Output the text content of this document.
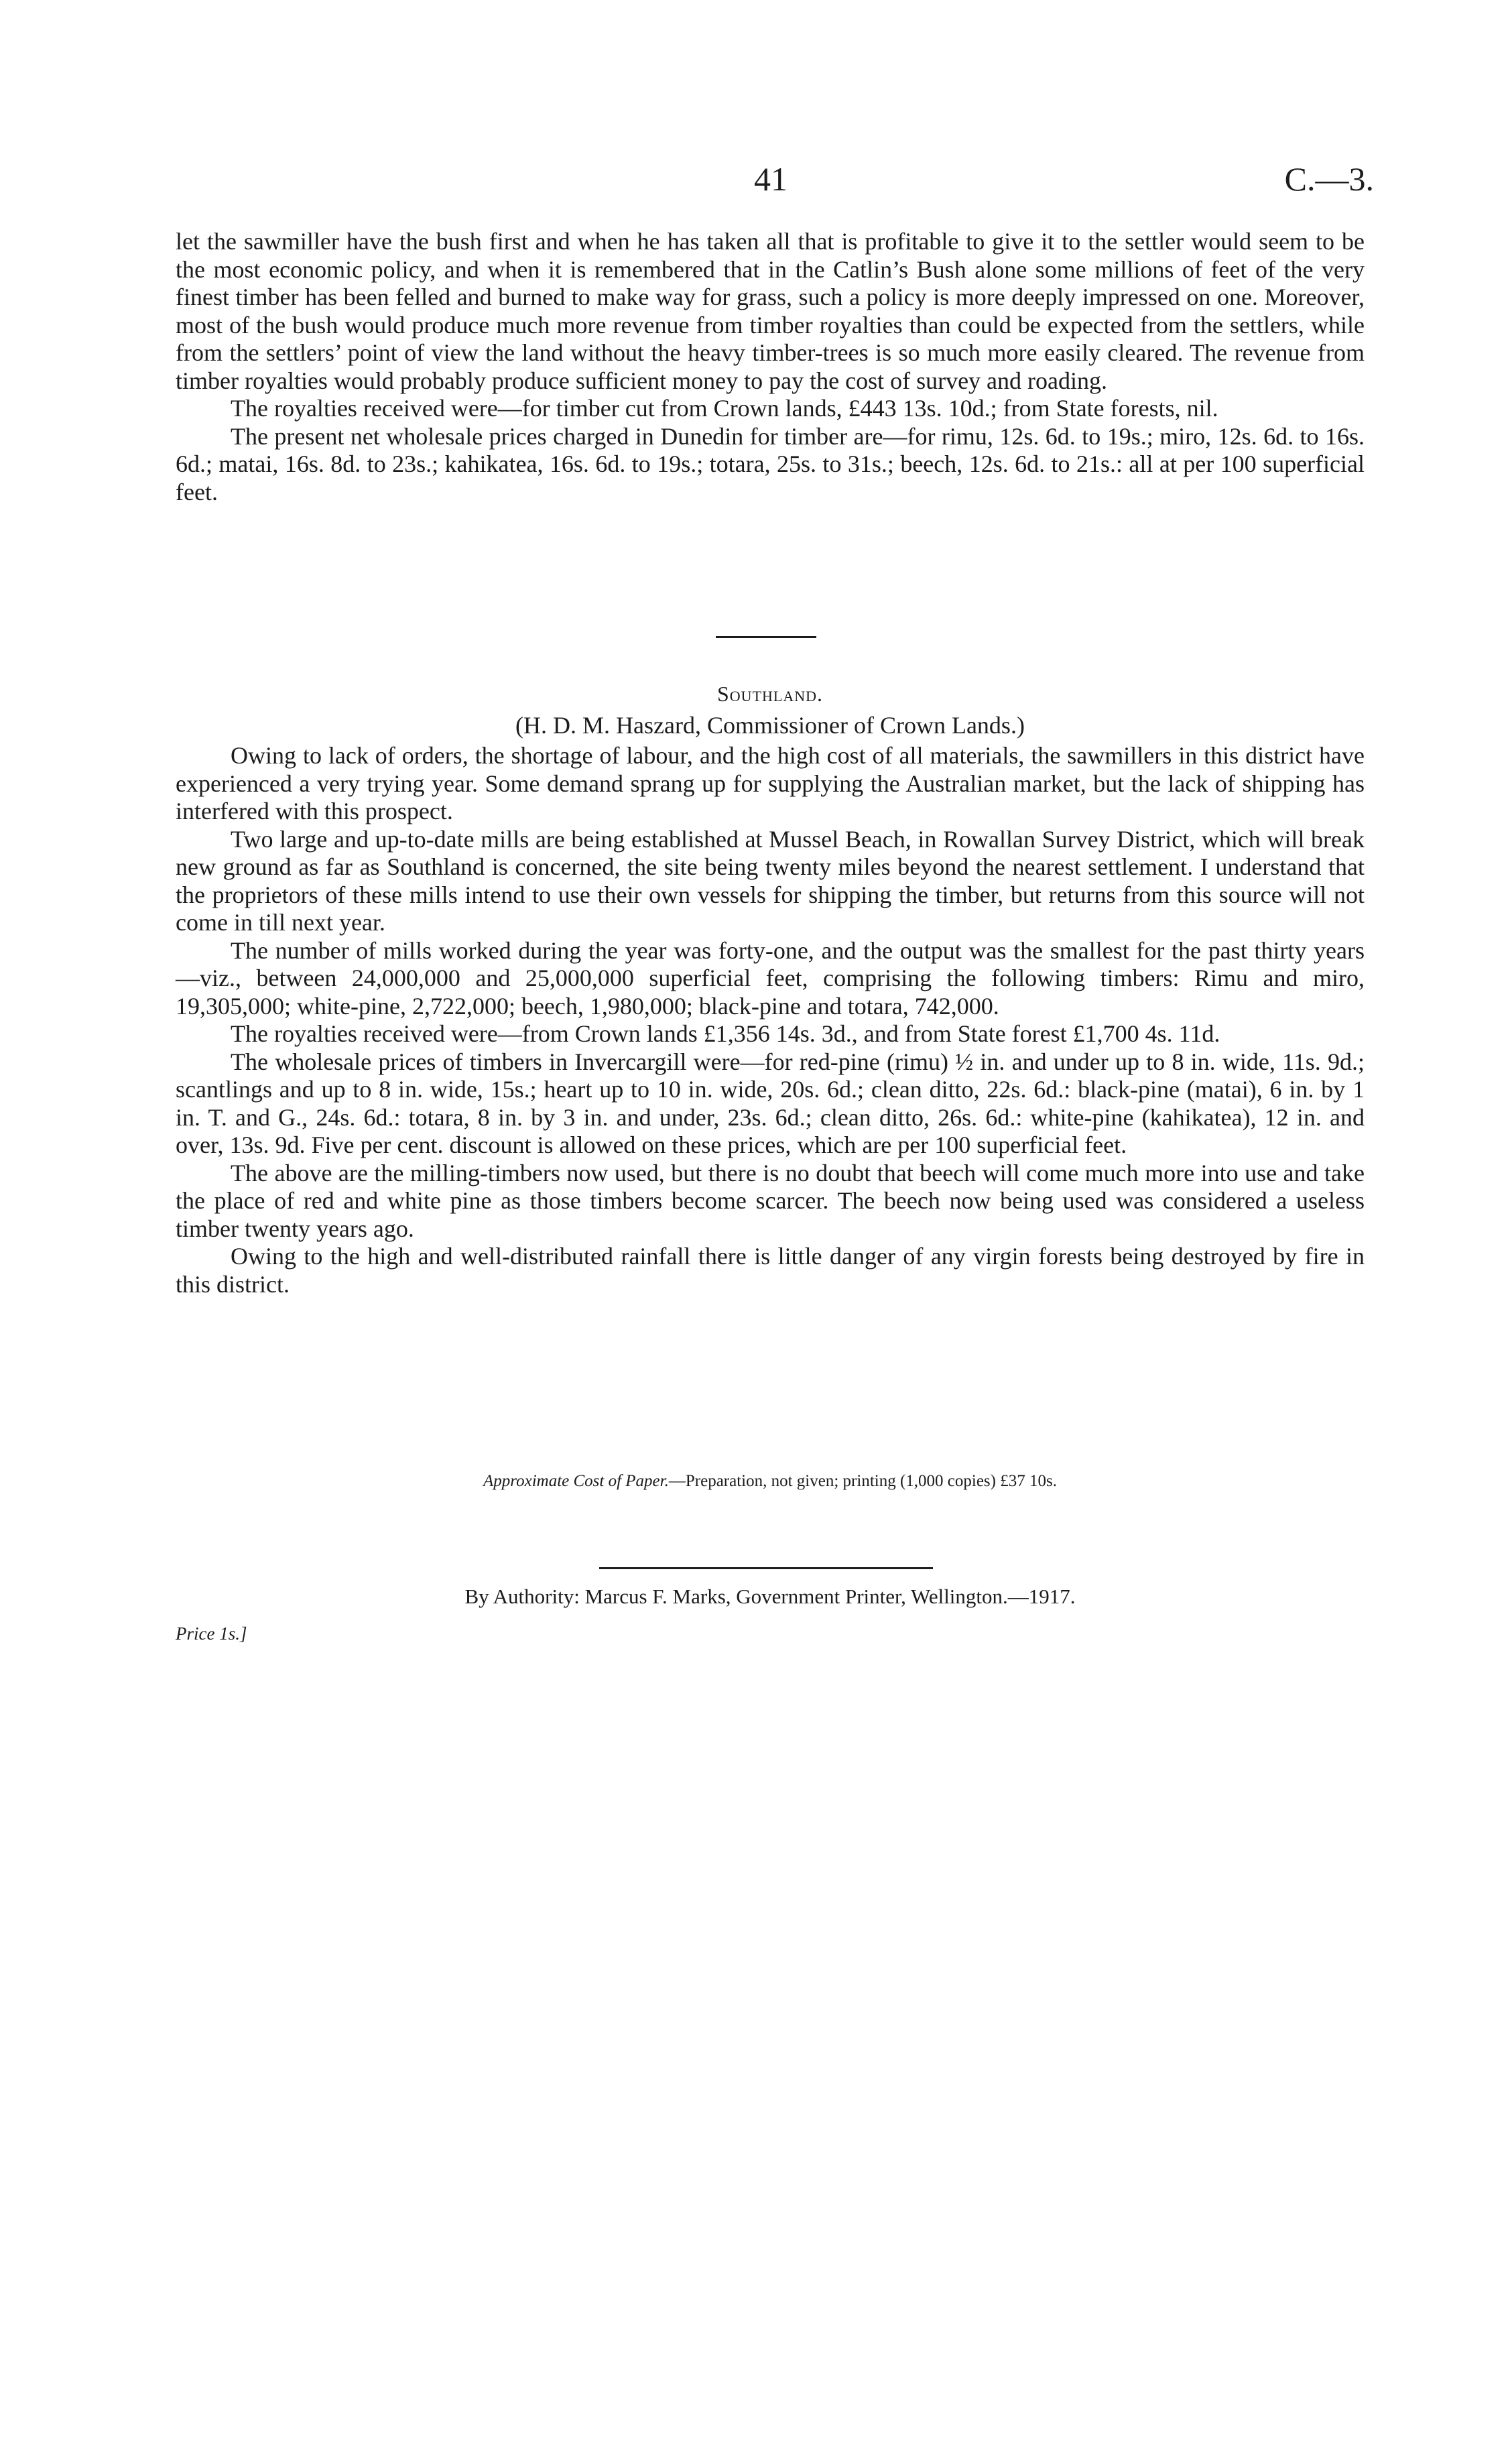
41	C.—3.

let the sawmiller have the bush first and when he has taken all that is profitable to give it to the settler would seem to be the most economic policy, and when it is remembered that in the Catlin’s Bush alone some millions of feet of the very finest timber has been felled and burned to make way for grass, such a policy is more deeply impressed on one. Moreover, most of the bush would produce much more revenue from timber royalties than could be expected from the settlers, while from the settlers’ point of view the land without the heavy timber-trees is so much more easily cleared. The revenue from timber royalties would probably produce sufficient money to pay the cost of survey and roading.

The royalties received were—for timber cut from Crown lands, £443 13s. 10d.; from State forests, nil.

The present net wholesale prices charged in Dunedin for timber are—for rimu, 12s. 6d. to 19s.; miro, 12s. 6d. to 16s. 6d.; matai, 16s. 8d. to 23s.; kahikatea, 16s. 6d. to 19s.; totara, 25s. to 31s.; beech, 12s. 6d. to 21s.: all at per 100 superficial feet.

Southland.

(H. D. M. Haszard, Commissioner of Crown Lands.)

Owing to lack of orders, the shortage of labour, and the high cost of all materials, the sawmillers in this district have experienced a very trying year. Some demand sprang up for supplying the Australian market, but the lack of shipping has interfered with this prospect.

Two large and up-to-date mills are being established at Mussel Beach, in Rowallan Survey District, which will break new ground as far as Southland is concerned, the site being twenty miles beyond the nearest settlement. I understand that the proprietors of these mills intend to use their own vessels for shipping the timber, but returns from this source will not come in till next year.

The number of mills worked during the year was forty-one, and the output was the smallest for the past thirty years—viz., between 24,000,000 and 25,000,000 superficial feet, comprising the following timbers: Rimu and miro, 19,305,000; white-pine, 2,722,000; beech, 1,980,000; black-pine and totara, 742,000.

The royalties received were—from Crown lands £1,356 14s. 3d., and from State forest £1,700 4s. 11d.

The wholesale prices of timbers in Invercargill were—for red-pine (rimu) ½ in. and under up to 8 in. wide, 11s. 9d.; scantlings and up to 8 in. wide, 15s.; heart up to 10 in. wide, 20s. 6d.; clean ditto, 22s. 6d.: black-pine (matai), 6 in. by 1 in. T. and G., 24s. 6d.: totara, 8 in. by 3 in. and under, 23s. 6d.; clean ditto, 26s. 6d.: white-pine (kahikatea), 12 in. and over, 13s. 9d. Five per cent. discount is allowed on these prices, which are per 100 superficial feet.

The above are the milling-timbers now used, but there is no doubt that beech will come much more into use and take the place of red and white pine as those timbers become scarcer. The beech now being used was considered a useless timber twenty years ago.

Owing to the high and well-distributed rainfall there is little danger of any virgin forests being destroyed by fire in this district.

Approximate Cost of Paper.—Preparation, not given; printing (1,000 copies) £37 10s.
By Authority: Marcus F. Marks, Government Printer, Wellington.—1917.
Price 1s.]
